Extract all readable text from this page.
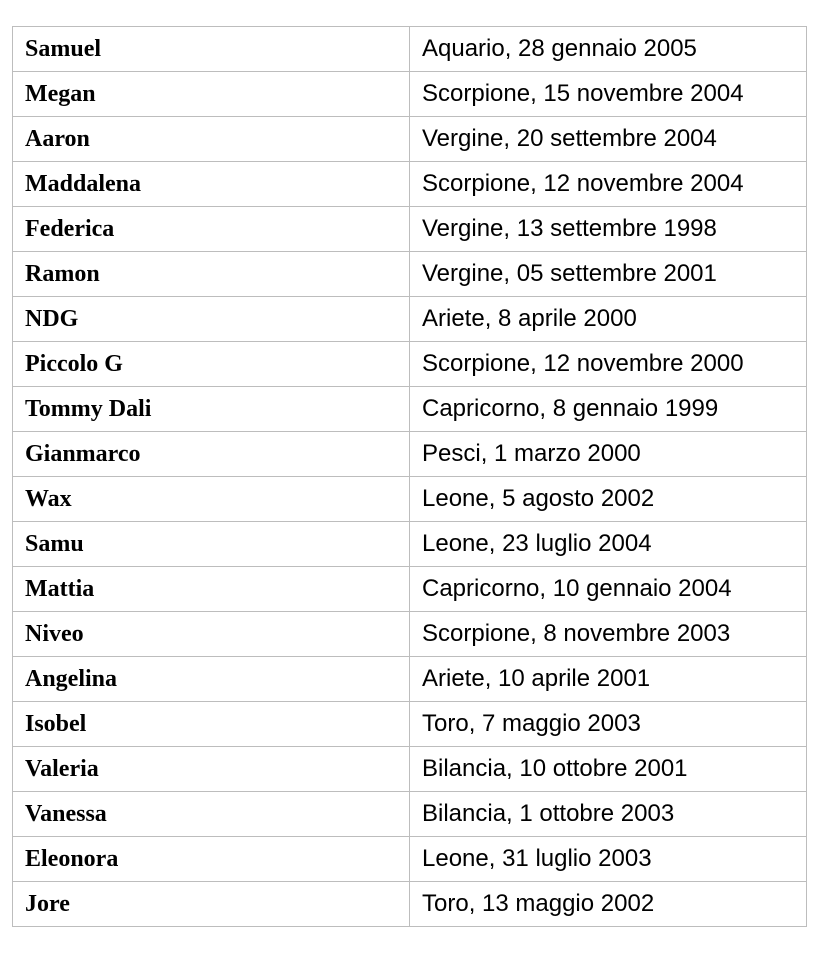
Samuel	Aquario, 28 gennaio 2005
Megan	Scorpione, 15 novembre 2004
Aaron	Vergine, 20 settembre 2004
Maddalena	Scorpione, 12 novembre 2004
Federica	Vergine, 13 settembre 1998
Ramon	Vergine, 05 settembre 2001
NDG	Ariete, 8 aprile 2000
Piccolo G	Scorpione, 12 novembre 2000
Tommy Dali	Capricorno, 8 gennaio 1999
Gianmarco	Pesci, 1 marzo 2000
Wax	Leone, 5 agosto 2002
Samu	Leone, 23 luglio 2004
Mattia	Capricorno, 10 gennaio 2004
Niveo	Scorpione, 8 novembre 2003
Angelina	Ariete, 10 aprile 2001
Isobel	Toro, 7 maggio 2003
Valeria	Bilancia, 10 ottobre 2001
Vanessa	Bilancia, 1 ottobre 2003
Eleonora	Leone, 31 luglio 2003
Jore	Toro, 13 maggio 2002
